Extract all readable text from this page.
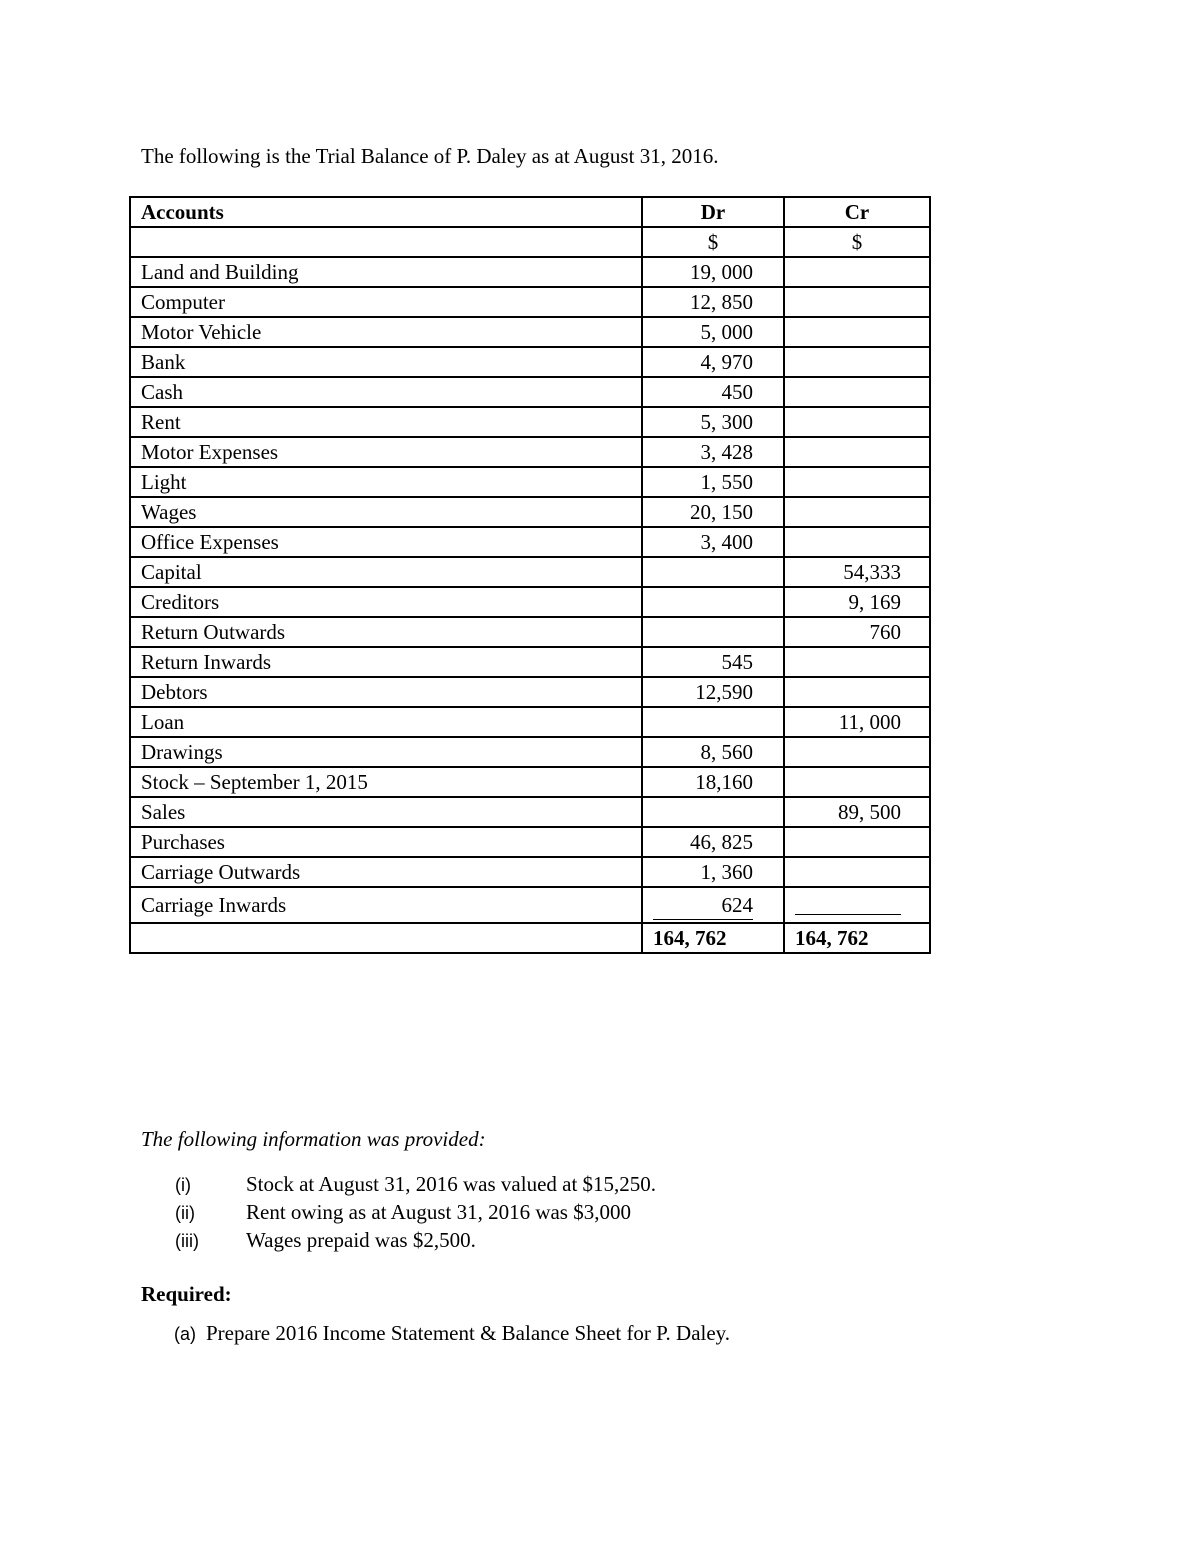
The following is the Trial Balance of P. Daley as at August 31, 2016.

Accounts	Dr	Cr
	$	$
Land and Building	19, 000	
Computer	12, 850	
Motor Vehicle	5, 000	
Bank	4, 970	
Cash	450	
Rent	5, 300	
Motor Expenses	3, 428	
Light	1, 550	
Wages	20, 150	
Office Expenses	3, 400	
Capital		54,333
Creditors		9, 169
Return Outwards		760
Return Inwards	545	
Debtors	12,590	
Loan		11, 000
Drawings	8, 560	
Stock – September 1, 2015	18,160	
Sales		89, 500
Purchases	46, 825	
Carriage Outwards	1, 360	
Carriage Inwards	624	
	164, 762	164, 762

The following information was provided:

(i)	Stock at August 31, 2016 was valued at $15,250.
(ii) Rent owing as at August 31, 2016 was $3,000
(iii) Wages prepaid was $2,500.

Required:

(a) Prepare 2016 Income Statement & Balance Sheet for P. Daley.
